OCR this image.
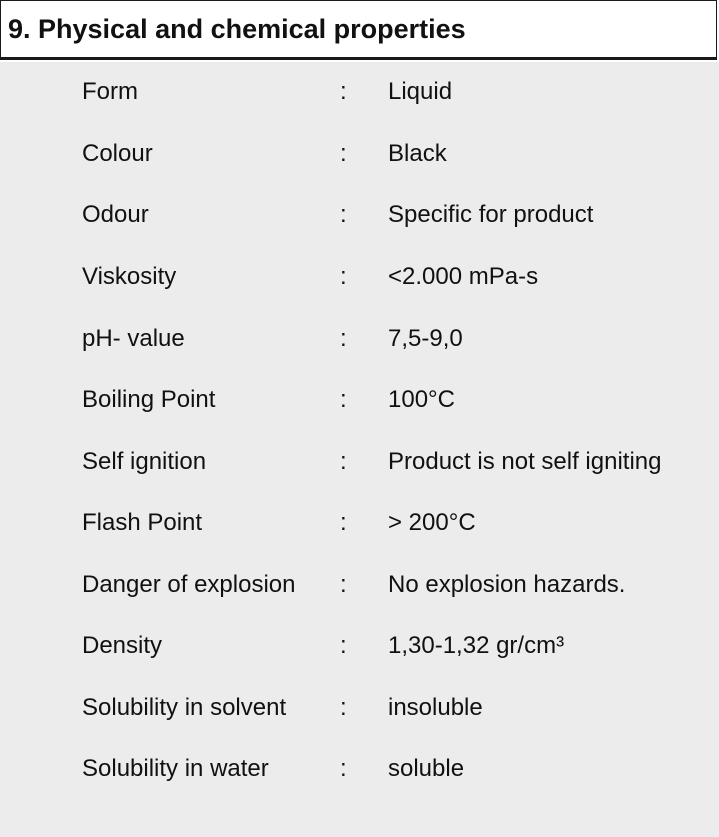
9. Physical and chemical properties
Form	: Liquid
Colour	: Black
Odour	: Specific for product
Viskosity	: <2.000 mPa-s
pH- value	: 7,5-9,0
Boiling Point	: 100°C
Self ignition	: Product is not self igniting
Flash Point	: > 200°C
Danger of explosion : No explosion hazards.
Density	: 1,30-1,32 gr/cm³
Solubility in solvent : insoluble
Solubility in water	: soluble
